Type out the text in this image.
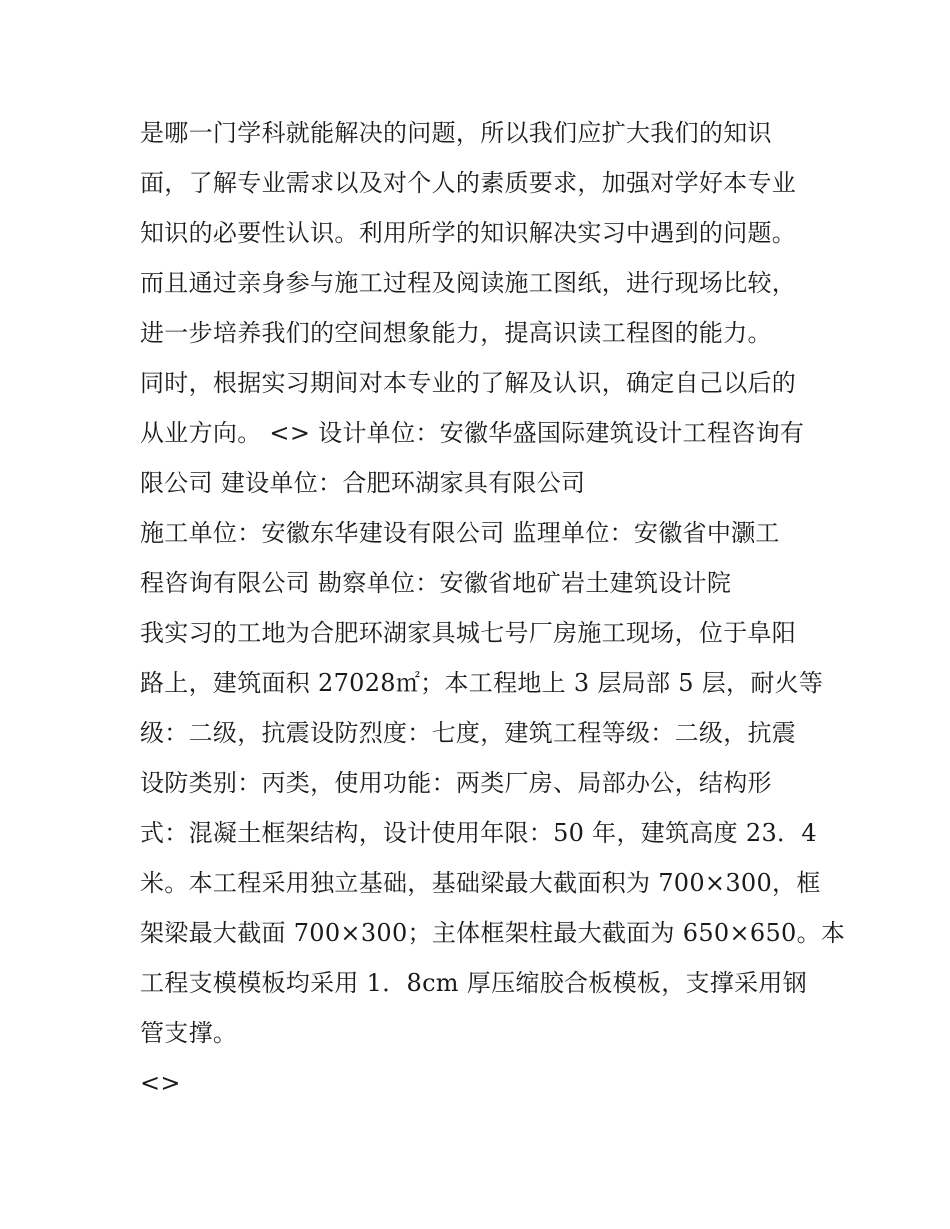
是哪一门学科就能解决的问题，所以我们应扩大我们的知识
面，了解专业需求以及对个人的素质要求，加强对学好本专业
知识的必要性认识。利用所学的知识解决实习中遇到的问题。
而且通过亲身参与施工过程及阅读施工图纸，进行现场比较，
进一步培养我们的空间想象能力，提高识读工程图的能力。
同时，根据实习期间对本专业的了解及认识，确定自己以后的
从业方向。 <> 设计单位：安徽华盛国际建筑设计工程咨询有
限公司 建设单位：合肥环湖家具有限公司
施工单位：安徽东华建设有限公司 监理单位：安徽省中灏工
程咨询有限公司 勘察单位：安徽省地矿岩土建筑设计院
我实习的工地为合肥环湖家具城七号厂房施工现场，位于阜阳
路上，建筑面积 27028㎡；本工程地上 3 层局部 5 层，耐火等
级：二级，抗震设防烈度：七度，建筑工程等级：二级，抗震
设防类别：丙类，使用功能：两类厂房、局部办公，结构形
式：混凝土框架结构，设计使用年限：50 年，建筑高度 23．4
米。本工程采用独立基础，基础梁最大截面积为 700×300，框
架梁最大截面 700×300；主体框架柱最大截面为 650×650。本
工程支模模板均采用 1．8cm 厚压缩胶合板模板，支撑采用钢
管支撑。
<>
